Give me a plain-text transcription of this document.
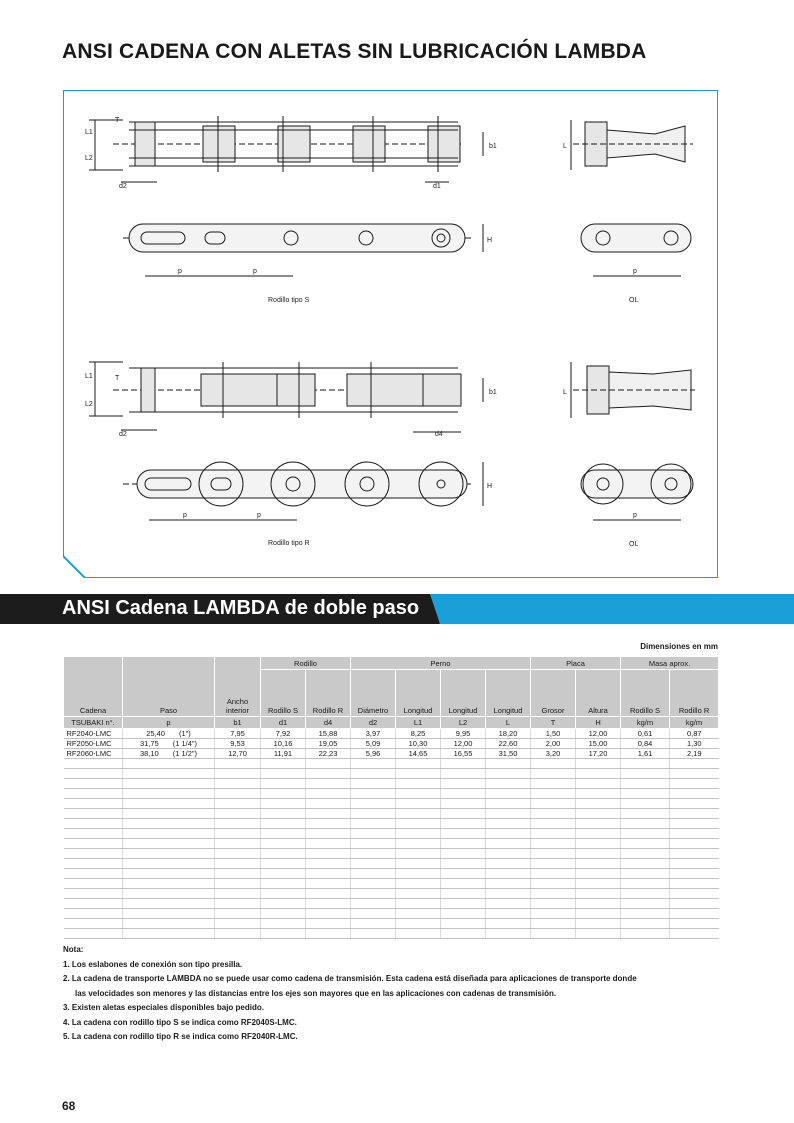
ANSI CADENA CON ALETAS SIN LUBRICACIÓN LAMBDA
L1
L2
T
b1
d2	d1
p	p
H
Rodillo tipo S
L
p
OL
L1
L2
T
b1
d2	d4
p	p
H
Rodillo tipo R
L
p
OL
ANSI Cadena LAMBDA de doble paso
Dimensiones en mm
Cadena	Paso	Ancho interior	Rodillo		Perno				Placa		Masa aprox.	
			Rodillo S	Rodillo R	Diámetro	Longitud	Longitud	Longitud	Grosor	Altura	Rodillo S	Rodillo R
TSUBAKI n°.	p	b1	d1	d4	d2	L1	L2	L	T	H	kg/m	kg/m
RF2040-LMC	25,40 (1")	7,95	7,92	15,88	3,97	8,25	9,95	18,20	1,50	12,00	0,61	0,87
RF2050-LMC	31,75 (1 1/4")	9,53	10,16	19,05	5,09	10,30	12,00	22,60	2,00	15,00	0,84	1,30
RF2060-LMC	38,10 (1 1/2")	12,70	11,91	22,23	5,96	14,65	16,55	31,50	3,20	17,20	1,61	2,19

Nota:
1. Los eslabones de conexión son tipo presilla.
2. La cadena de transporte LAMBDA no se puede usar como cadena de transmisión. Esta cadena está diseñada para aplicaciones de transporte donde
las velocidades son menores y las distancias entre los ejes son mayores que en las aplicaciones con cadenas de transmisión.
3. Existen aletas especiales disponibles bajo pedido.
4. La cadena con rodillo tipo S se indica como RF2040S-LMC.
5. La cadena con rodillo tipo R se indica como RF2040R-LMC.
68
